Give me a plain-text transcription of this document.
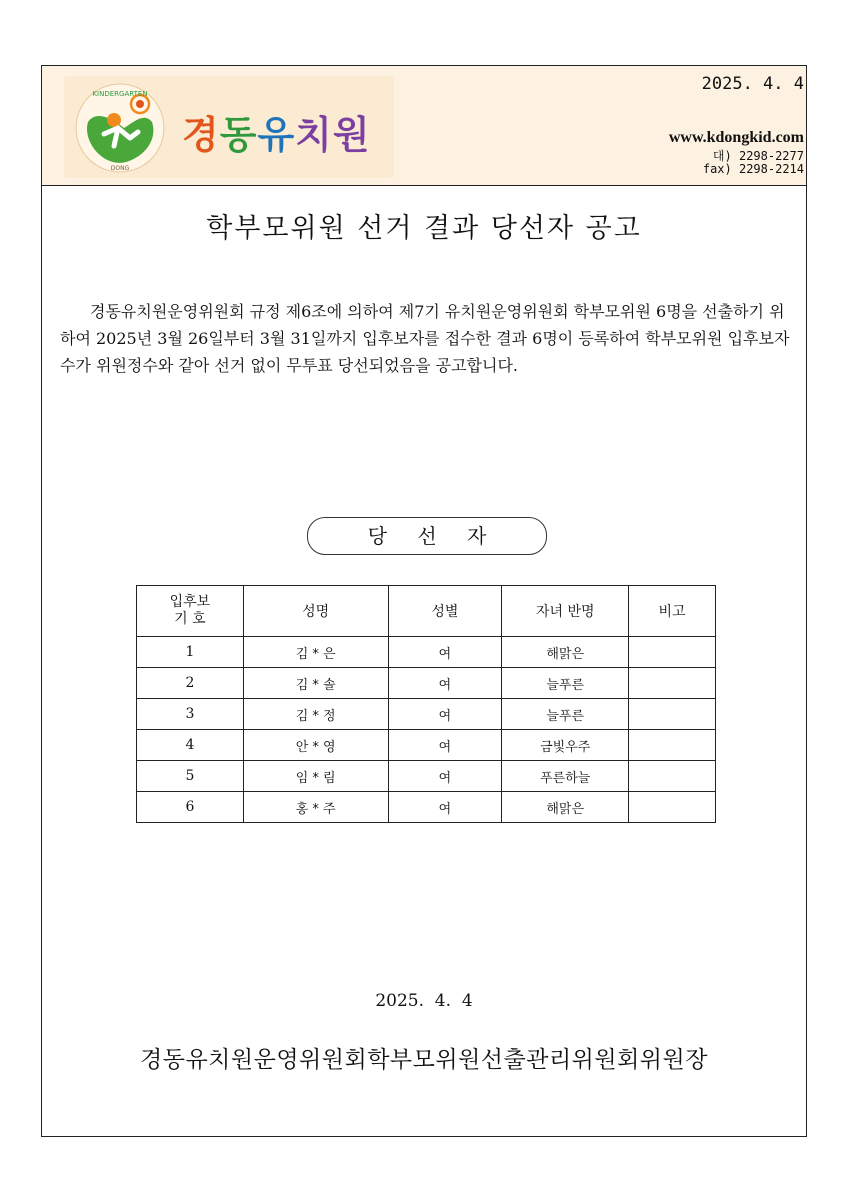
KINDERGARTEN
DONG
경동유치원
2025. 4. 4
www.kdongkid.com
대) 2298-2277
fax) 2298-2214
학부모위원 선거 결과 당선자 공고

경동유치원운영위원회 규정 제6조에 의하여 제7기 유치원운영위원회 학부모위원 6명을 선출하기 위하여 2025년 3월 26일부터 3월 31일까지 입후보자를 접수한 결과 6명이 등록하여 학부모위원 입후보자 수가 위원정수와 같아 선거 없이 무투표 당선되었음을 공고합니다.

당 선 자
입후보
기 호	성명	성별	자녀 반명	비고
1	김 * 은	여	해맑은	
2	김 * 솔	여	늘푸른	
3	김 * 정	여	늘푸른	
4	안 * 영	여	금빛우주	
5	임 * 림	여	푸른하늘	
6	홍 * 주	여	해맑은	
2025.  4.  4
경동유치원운영위원회학부모위원선출관리위원회위원장
